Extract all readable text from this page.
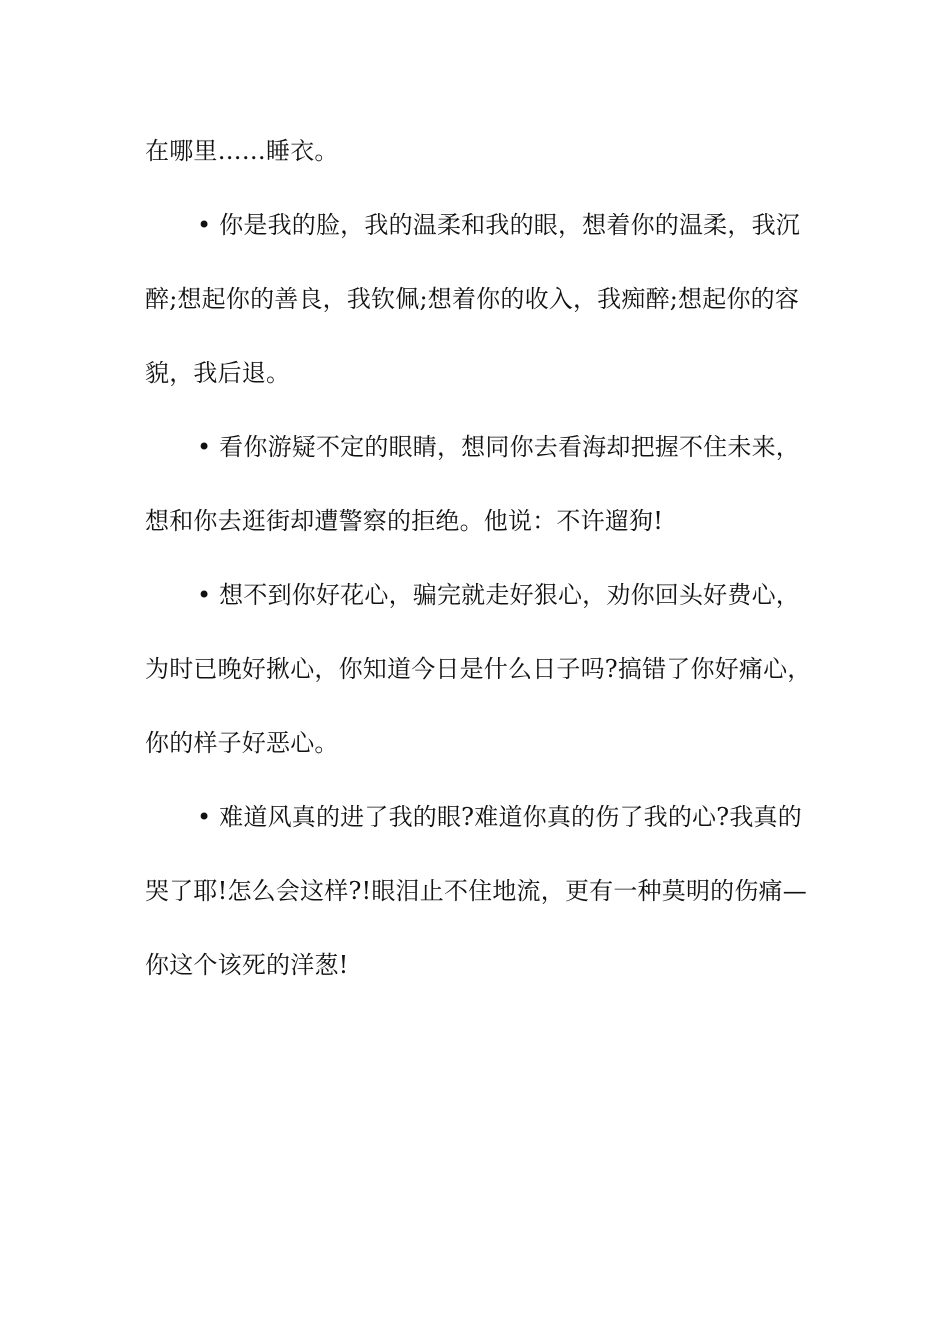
在哪里……睡衣。
• 你是我的脸，我的温柔和我的眼，想着你的温柔，我沉
醉;想起你的善良，我钦佩;想着你的收入，我痴醉;想起你的容
貌，我后退。
• 看你游疑不定的眼睛，想同你去看海却把握不住未来，
想和你去逛街却遭警察的拒绝。他说：不许遛狗!
• 想不到你好花心，骗完就走好狠心，劝你回头好费心，
为时已晚好揪心，你知道今日是什么日子吗?搞错了你好痛心，
你的样子好恶心。
• 难道风真的进了我的眼?难道你真的伤了我的心?我真的
哭了耶!怎么会这样?!眼泪止不住地流，更有一种莫明的伤痛—
你这个该死的洋葱!
